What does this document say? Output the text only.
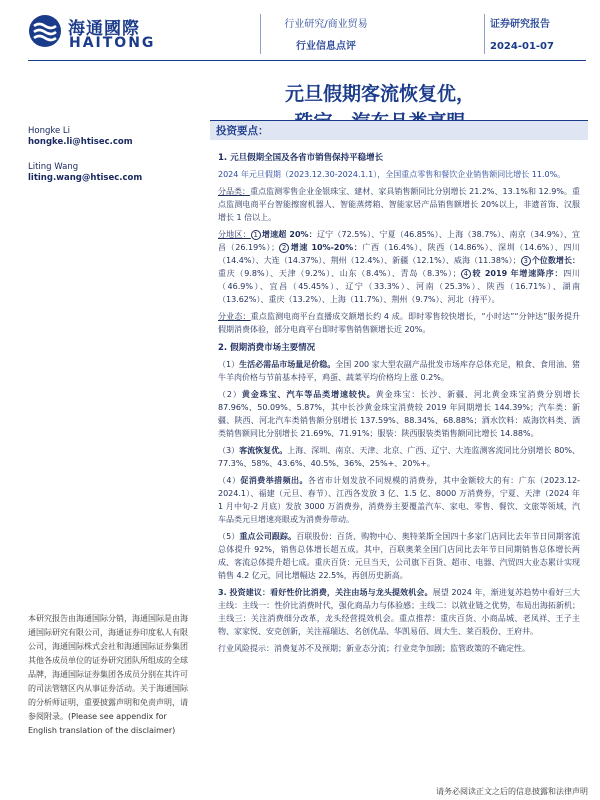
海通國際
HAITONG
行业研究/商业贸易
行业信息点评
证券研究报告
2024-01-07
元旦假期客流恢复优，
Hongke Li
hongke.li@htisec.com
Liting Wang
liting.wang@htisec.com
本研究报告由海通国际分销，海通国际是由海通国际研究有限公司，海通证券印度私人有限公司，海通国际株式会社和海通国际证券集团其他各成员单位的证券研究团队所组成的全球品牌，海通国际证券集团各成员分别在其许可的司法管辖区内从事证券活动。关于海通国际的分析师证明，重要披露声明和免责声明，请参阅附录。(Please see appendix for English translation of the disclaimer)
投资要点：
1. 元旦假期全国及各省市销售保持平稳增长
2024 年元旦假期（2023.12.30-2024.1.1），全国重点零售和餐饮企业销售额同比增长 11.0%。
分品类：重点监测零售企业金银珠宝、建材、家具销售额同比分别增长 21.2%、13.1%和 12.9%。重点监测电商平台智能擦窗机器人、智能蒸烤箱、智能家居产品销售额增长 20%以上，非遗首饰、汉服增长 1 倍以上。
分地区： 1 增速超 20%：辽宁（72.5%）、宁夏（46.85%）、上海（38.7%）、南京（34.9%）、宜昌（26.19%）； 2 增速 10%-20%：广西（16.4%）、陕西（14.86%）、深圳（14.6%）、四川（14.4%）、大连（14.37%）、荆州（12.4%）、新疆（12.1%）、威海（11.38%）； 3 个位数增长：重庆（9.8%）、天津（9.2%）、山东（8.4%）、青岛（8.3%）； 4 较 2019 年增速降序：四川（46.9%）、宜昌（45.45%）、辽宁（33.3%）、河南（25.3%）、陕西（16.71%）、湖南（13.62%）、重庆（13.2%）、上海（11.7%）、荆州（9.7%）、河北（持平）。
分业态：重点监测电商平台直播成交额增长约 4 成。即时零售较快增长，“小时达”“分钟达”服务提升假期消费体验，部分电商平台即时零售销售额增长近 20%。
2. 假期消费市场主要情况
（1）生活必需品市场量足价稳。全国 200 家大型农副产品批发市场库存总体充足，粮食、食用油、猪牛羊肉价格与节前基本持平，鸡蛋、蔬菜平均价格均上涨 0.2%。
（2）黄金珠宝、汽车等品类增速较快。黄金珠宝：长沙、新疆、河北黄金珠宝消费分别增长 87.96%、50.09%、5.87%，其中长沙黄金珠宝消费较 2019 年同期增长 144.39%；汽车类：新疆、陕西、河北汽车类销售额分别增长 137.59%、88.34%、68.88%；酒水饮料：威海饮料类、酒类销售额同比分别增长 21.69%、71.91%；服装：陕西服装类销售额同比增长 14.88%。
（3）客流恢复优。上海、深圳、南京、天津、北京、广西、辽宁、大连监测客流同比分别增长 80%、77.3%、58%、43.6%、40.5%、36%、25%+、20%+。
（4）促消费举措频出。各省市计划发放不同规模的消费券，其中金额较大的有：广东（2023.12-2024.1）、福建（元旦、春节）、江西各发放 3 亿、1.5 亿、8000 万消费券，宁夏、天津（2024 年 1 月中旬-2 月底）发放 3000 万消费券，消费券主要覆盖汽车、家电、零售、餐饮、文旅等领域，汽车品类元旦增速亮眼或为消费券带动。
（5）重点公司跟踪。百联股份：百货、购物中心、奥特莱斯全国四十多家门店同比去年节日同期客流总体提升 92%，销售总体增长超五成。其中，百联奥莱全国门店同比去年节日同期销售总体增长两成、客流总体提升超七成。重庆百货：元旦当天，公司旗下百货、超市、电器、汽贸四大业态累计实现销售 4.2 亿元，同比增幅达 22.5%，再创历史新高。
3. 投资建议：看好性价比消费，关注由场与龙头提效机会。展望 2024 年，渐进复苏趋势中看好三大主线：主线一：性价比消费时代，强化商品力与体验感；主线二：以就业链之优势，布局出海拓新机；主线三：关注消费细分改革，龙头经营提效机会。重点推荐：重庆百货、小商品城、老凤祥、王子主物、家家悦、安克创新，关注福瑞达、名创优品、华凯易佰、周大生、莱百股份、王府井。
行业风险提示：消费复苏不及预期；新业态分流；行业竞争加剧；监管政策的不确定性。
请务必阅读正文之后的信息披露和法律声明
